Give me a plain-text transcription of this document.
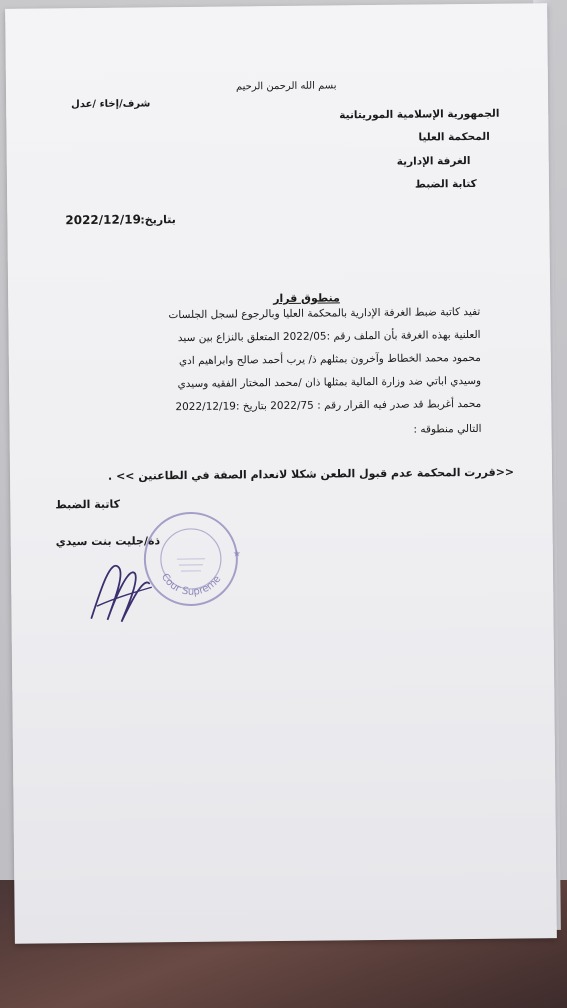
بسم الله الرحمن الرحيم
شرف/إخاء /عدل
الجمهورية الإسلامية الموريتانية
المحكمة العليا
الغرفة الإدارية
كتابة الضبط
بتاريخ:
2022/12/19
منطوق قرار
تفيد كاتبة ضبط الغرفة الإدارية بالمحكمة العليا وبالرجوع لسجل الجلسات
العلنية بهذه الغرفة بأن الملف رقم :2022/05 المتعلق بالنزاع بين سيد
محمود محمد الخطاط وآخرون بمثلهم ذ/ يرب أحمد صالح وابراهيم ادي
وسيدي اباتي ضد وزارة المالية بمثلها ذان /محمد المختار الفقيه وسيدي
محمد أغربط قد صدر فيه القرار رقم : 2022/75 بتاريخ :2022/12/19
التالي منطوقه :
<<قررت المحكمة عدم قبول الطعن شكلا لانعدام الصفة في الطاعنين >> .
كاتبة الضبط
ذة/جليت بنت سيدي
Cour Supreme
★
